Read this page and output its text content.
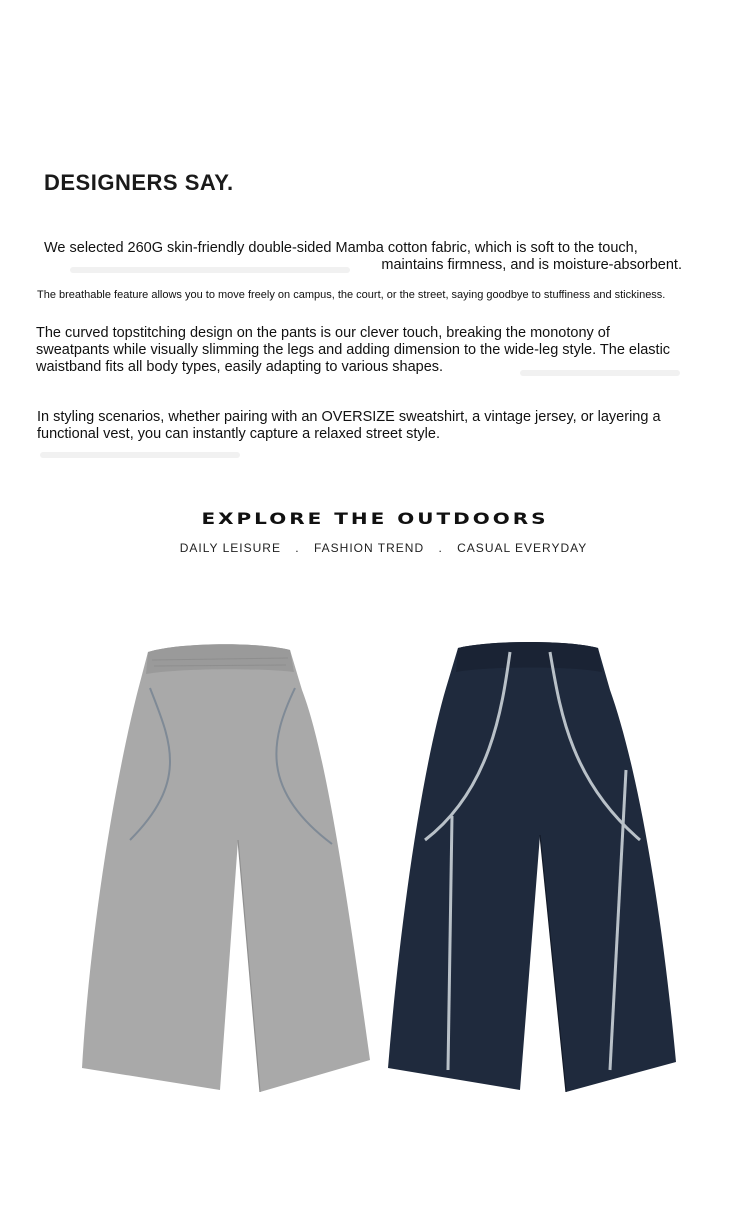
DESIGNERS SAY.
We selected 260G skin-friendly double-sided Mamba cotton fabric, which is soft to the touch,
maintains firmness, and is moisture-absorbent.
The breathable feature allows you to move freely on campus, the court, or the street, saying goodbye to stuffiness and stickiness.
The curved topstitching design on the pants is our clever touch, breaking the monotony of sweatpants while visually slimming the legs and adding dimension to the wide-leg style. The elastic waistband fits all body types, easily adapting to various shapes.
In styling scenarios, whether pairing with an OVERSIZE sweatshirt, a vintage jersey, or layering a functional vest, you can instantly capture a relaxed street style.
EXPLORE THE OUTDOORS
DAILY LEISURE . FASHION TREND . CASUAL EVERYDAY
